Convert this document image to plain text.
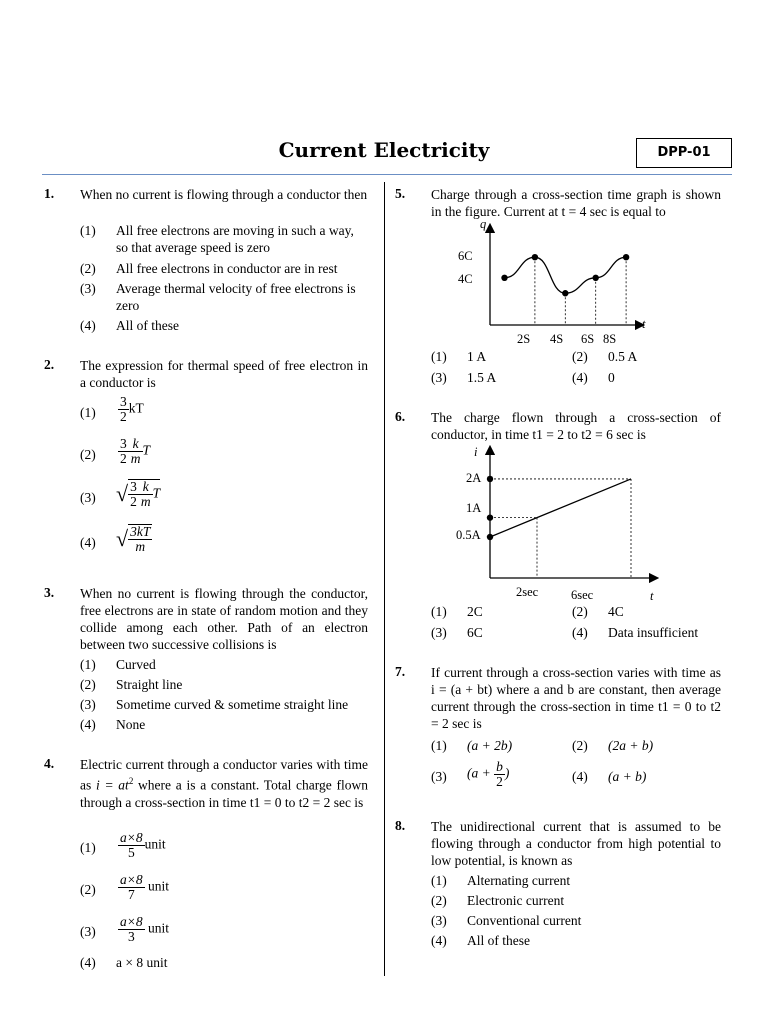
Current Electricity	DPP-01
1. When no current is flowing through a conductor then
(1) All free electrons are moving in such a way, so that average speed is zero
(2) All free electrons in conductor are in rest
(3) Average thermal velocity of free electrons is zero
(4) All of these
2. The expression for thermal speed of free electron in a conductor is
$(1) \frac{3}{2}$ kT
$(2) \frac{3}{2} \frac{k}{m}$ T
(3) √ $\frac{3}{2} \frac{k}{m}$ T
(4) √ $\frac{3kT}{m}$
3. When no current is flowing through the conductor, free electrons are in state of random motion and they collide among each other. Path of an electron between two successive collisions is
(1) Curved
(2) Straight line
(3) Sometime curved & sometime straight line
(4) None
4. Electric current through a conductor varies with time as $i = at^2$ where a is a constant. Total charge flown through a cross-section in time t1 = 0 to t2 = 2 sec is
$(1) \frac{a\times 8}{5}$ unit
$(2) \frac{a\times 8}{7}$ unit
$(3) \frac{a\times 8}{3}$ unit
(4) a × 8 unit
5. Charge through a cross-section time graph is shown in the figure. Current at t = 4 sec is equal to
q
t
6C
4C
2S 4S 6S 8S
(1) 1 A	(2) 0.5 A
(3) 1.5 A	(4) 0
6. The charge flown through a cross-section of conductor, in time t1 = 2 to t2 = 6 sec is
i
t
2A
1A
0.5A
2sec	6sec
(1) 2C	(2) 4C
(3) 6C	(4) Data insufficient
7. If current through a cross-section varies with time as i = (a + bt) where a and b are constant, then average current through the cross-section in time t1 = 0 to t2 = 2 sec is
(1) (a + 2b)	(2) (2a + b)
(3) ($a + \frac{b}{2}$ )	(4) (a + b)
8. The unidirectional current that is assumed to be flowing through a conductor from high potential to low potential, is known as
(1) Alternating current
(2) Electronic current
(3) Conventional current
(4) All of these
